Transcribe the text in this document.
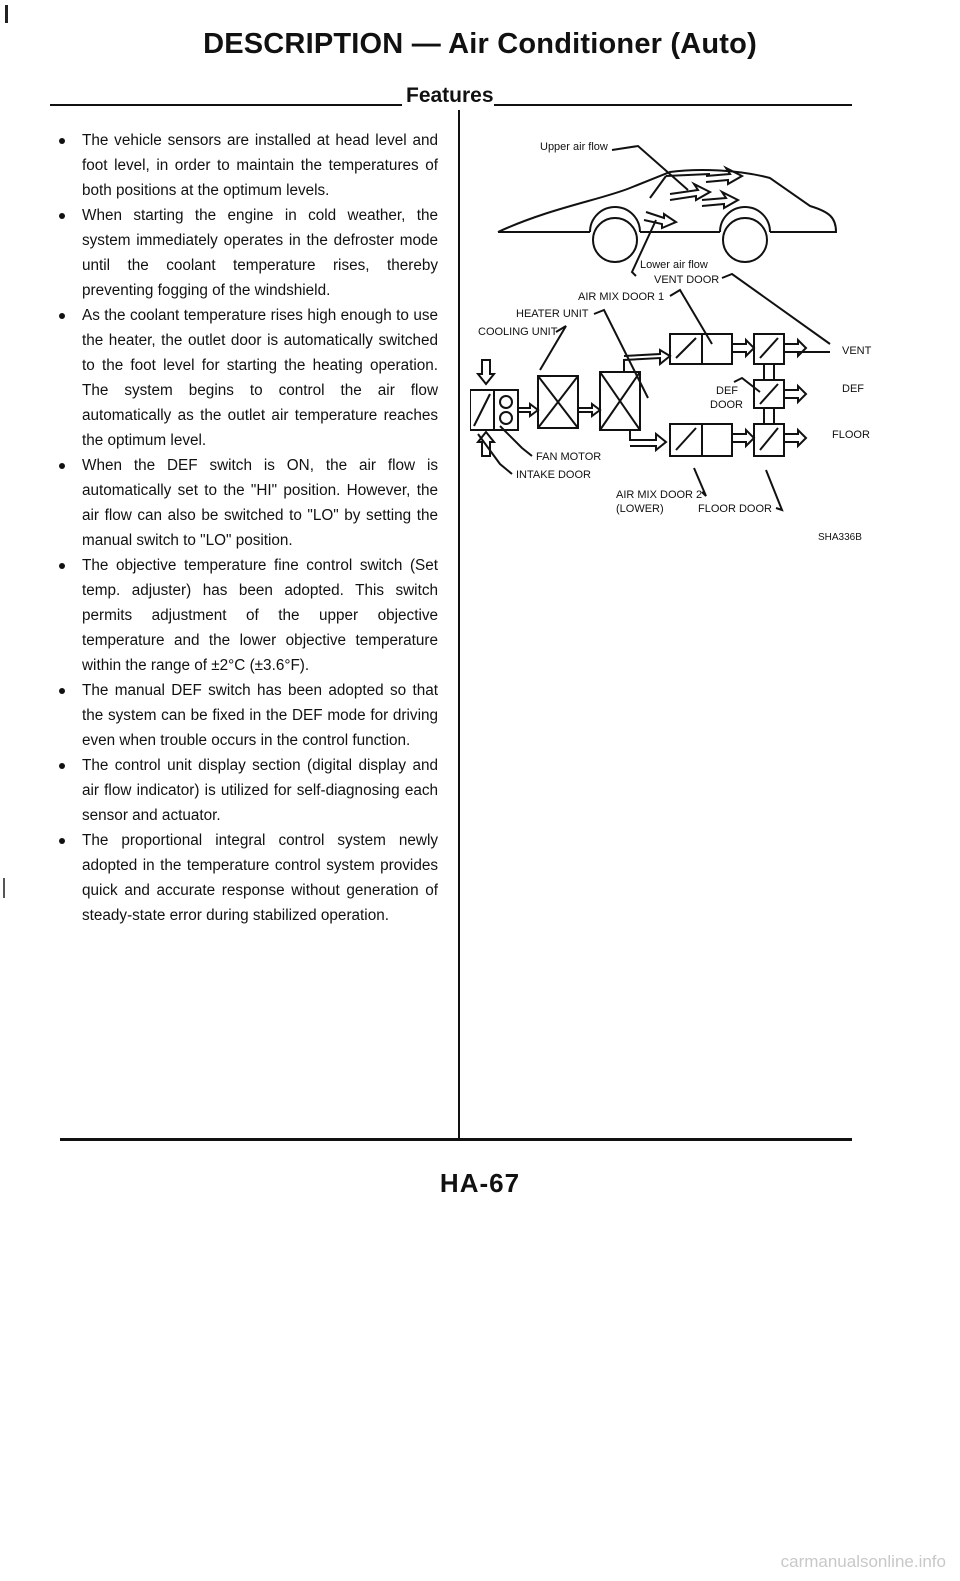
DESCRIPTION — Air Conditioner (Auto)
Features
The vehicle sensors are installed at head level and foot level, in order to maintain the temperatures of both positions at the optimum levels.
When starting the engine in cold weather, the system immediately operates in the defroster mode until the coolant temperature rises, thereby preventing fogging of the windshield.
As the coolant temperature rises high enough to use the heater, the outlet door is automatically switched to the foot level for starting the heating operation. The system begins to control the air flow automatically as the outlet air temperature reaches the optimum level.
When the DEF switch is ON, the air flow is automatically set to the "HI" position. However, the air flow can also be switched to "LO" by setting the manual switch to "LO" position.
The objective temperature fine control switch (Set temp. adjuster) has been adopted. This switch permits adjustment of the upper objective temperature and the lower objective temperature within the range of ±2°C (±3.6°F).
The manual DEF switch has been adopted so that the system can be fixed in the DEF mode for driving even when trouble occurs in the control function.
The control unit display section (digital display and air flow indicator) is utilized for self-diagnosing each sensor and actuator.
The proportional integral control system newly adopted in the temperature control system provides quick and accurate response without generation of steady-state error during stabilized operation.
Upper air flow
Lower air flow
VENT DOOR
AIR MIX DOOR 1
HEATER UNIT
COOLING UNIT
VENT
DEF
DOOR
DEF
FLOOR
FAN MOTOR
INTAKE DOOR
AIR MIX DOOR 2
(LOWER)	FLOOR DOOR
SHA336B
HA-67
carmanualsonline.info
